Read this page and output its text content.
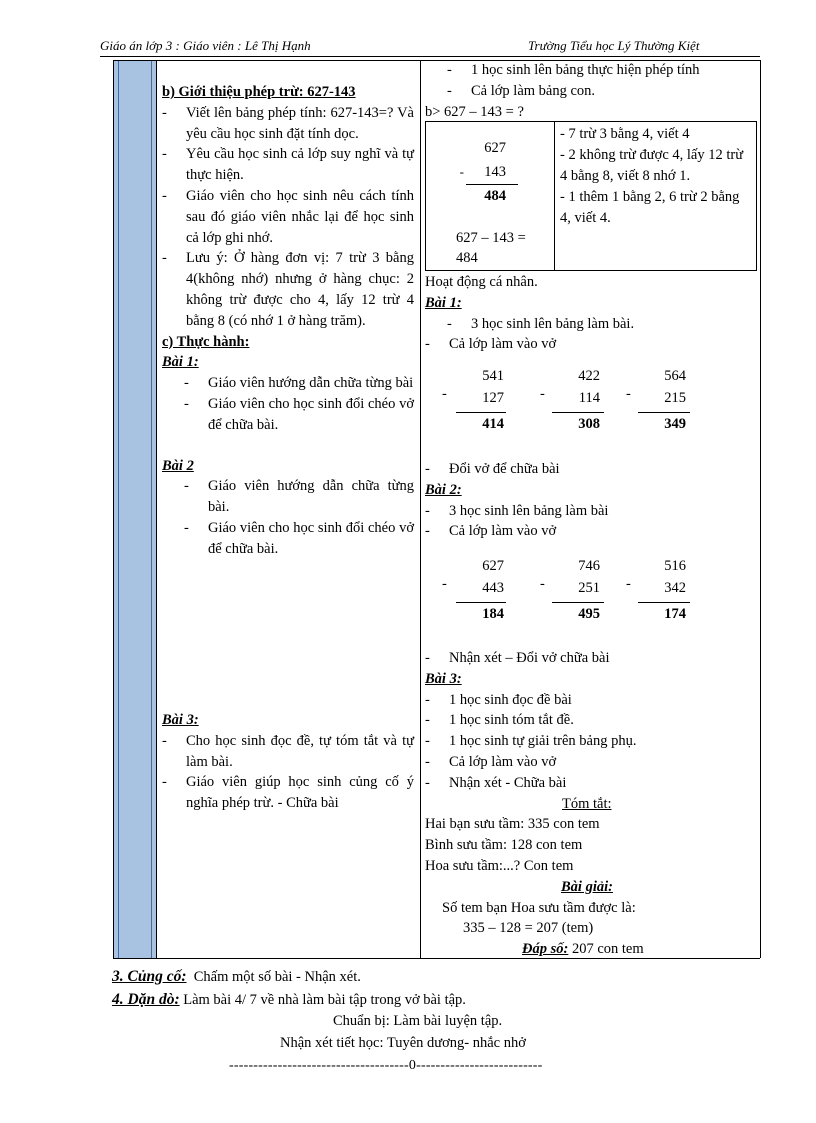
Giáo án lớp 3 : Giáo viên : Lê Thị Hạnh	Trường Tiểu học Lý Thường Kiệt
b) Giới thiệu phép trừ: 627-143
-	Viết lên bảng phép tính: 627-143=? Và yêu cầu học sinh đặt tính dọc.
-	Yêu cầu học sinh cả lớp suy nghĩ và tự thực hiện.
-	Giáo viên cho học sinh nêu cách tính sau đó giáo viên nhắc lại để học sinh cả lớp ghi nhớ.
-	Lưu ý: Ở hàng đơn vị: 7 trừ 3 bằng 4(không nhớ) nhưng ở hàng chục: 2 không trừ được cho 4, lấy 12 trừ 4 bằng 8 (có nhớ 1 ở hàng trăm).
c) Thực hành:
Bài 1:
-	Giáo viên hướng dẫn chữa từng bài
-	Giáo viên cho học sinh đổi chéo vở để chữa bài.
Bài 2
-	Giáo viên hướng dẫn chữa từng bài.
-	Giáo viên cho học sinh đổi chéo vở để chữa bài.
Bài 3:
-	Cho học sinh đọc đề, tự tóm tắt và tự làm bài.
-	Giáo viên giúp học sinh củng cố ý nghĩa phép trừ. - Chữa bài
-	1 học sinh lên bảng thực hiện phép tính
-	Cả lớp làm bảng con.
b> 627 – 143 = ?
-
627
143
484
627 – 143 =
484
- 7 trừ 3 bằng 4, viết 4
- 2 không trừ được 4, lấy 12 trừ 4 bằng 8, viết 8 nhớ 1.
- 1 thêm 1 bằng 2, 6 trừ 2 bằng 4, viết 4.
Hoạt động cá nhân.
Bài 1:
-	3 học sinh lên bảng làm bài.
-	Cả lớp làm vào vở
-
541
127
414
-
422
114
308
-
564
215
349
-	Đổi vở để chữa bài
Bài 2:
-	3 học sinh lên bảng làm bài
-	Cả lớp làm vào vở
-
627
443
184
-
746
251
495
-
516
342
174
-	Nhận xét – Đổi vở chữa bài
Bài 3:
-	1 học sinh đọc đề bài
-	1 học sinh tóm tắt đề.
-	1 học sinh tự giải trên bảng phụ.
-	Cả lớp làm vào vở
-	Nhận xét - Chữa bài
Tóm tắt:
Hai bạn sưu tầm: 335 con tem
Bình sưu tầm: 128 con tem
Hoa sưu tầm:...? Con tem
Bài giải:
Số tem bạn Hoa sưu tầm được là:
335 – 128 = 207 (tem)
Đáp số: 207 con tem
3. Củng cố: Chấm một số bài - Nhận xét.
4. Dặn dò: Làm bài 4/ 7 về nhà làm bài tập trong vở bài tập.
Chuẩn bị: Làm bài luyện tập.
Nhận xét tiết học: Tuyên dương- nhắc nhở
-------------------------------------0--------------------------
